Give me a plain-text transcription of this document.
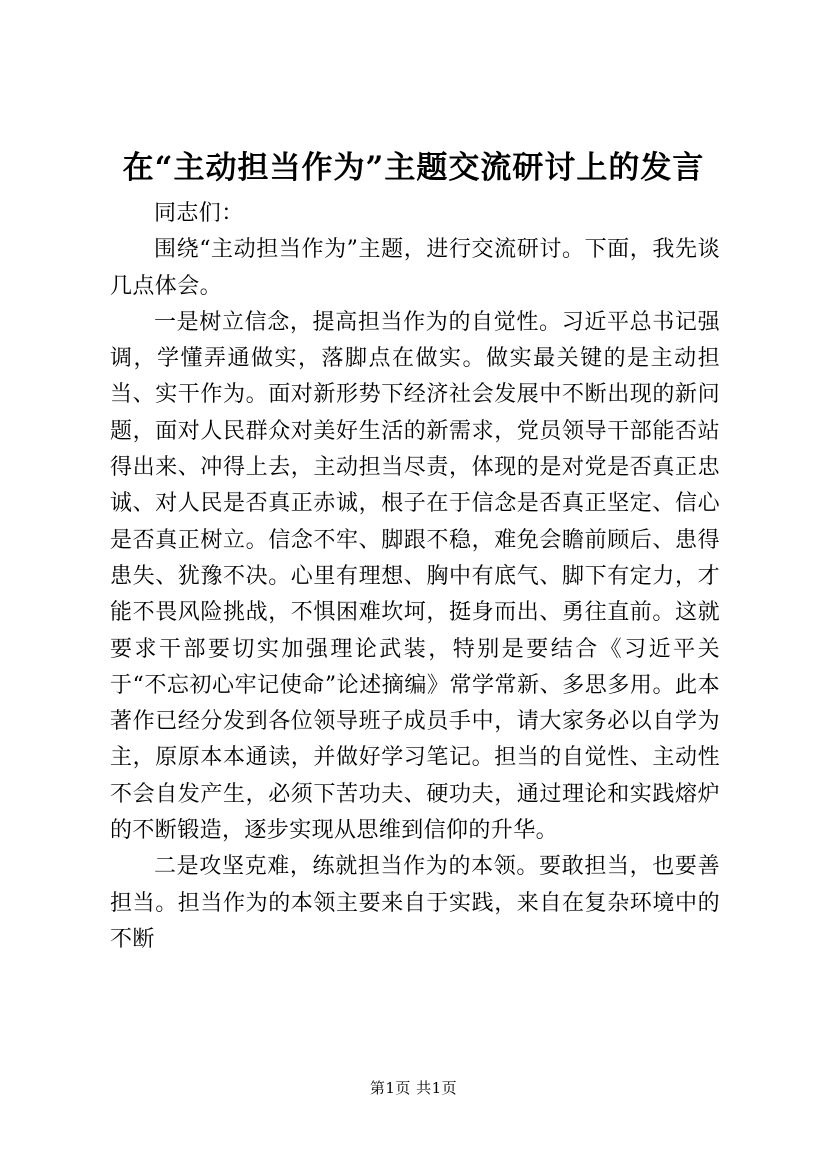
在“主动担当作为”主题交流研讨上的发言

同志们：

围绕“主动担当作为”主题，进行交流研讨。下面，我先谈几点体会。

一是树立信念，提高担当作为的自觉性。习近平总书记强调，学懂弄通做实，落脚点在做实。做实最关键的是主动担当、实干作为。面对新形势下经济社会发展中不断出现的新问题，面对人民群众对美好生活的新需求，党员领导干部能否站得出来、冲得上去，主动担当尽责，体现的是对党是否真正忠诚、对人民是否真正赤诚，根子在于信念是否真正坚定、信心是否真正树立。信念不牢、脚跟不稳，难免会瞻前顾后、患得患失、犹豫不决。心里有理想、胸中有底气、脚下有定力，才能不畏风险挑战，不惧困难坎坷，挺身而出、勇往直前。这就要求干部要切实加强理论武装，特别是要结合《习近平关于“不忘初心牢记使命”论述摘编》常学常新、多思多用。此本著作已经分发到各位领导班子成员手中，请大家务必以自学为主，原原本本通读，并做好学习笔记。担当的自觉性、主动性不会自发产生，必须下苦功夫、硬功夫，通过理论和实践熔炉的不断锻造，逐步实现从思维到信仰的升华。

二是攻坚克难，练就担当作为的本领。要敢担当，也要善担当。担当作为的本领主要来自于实践，来自在复杂环境中的不断

第1页 共1页
